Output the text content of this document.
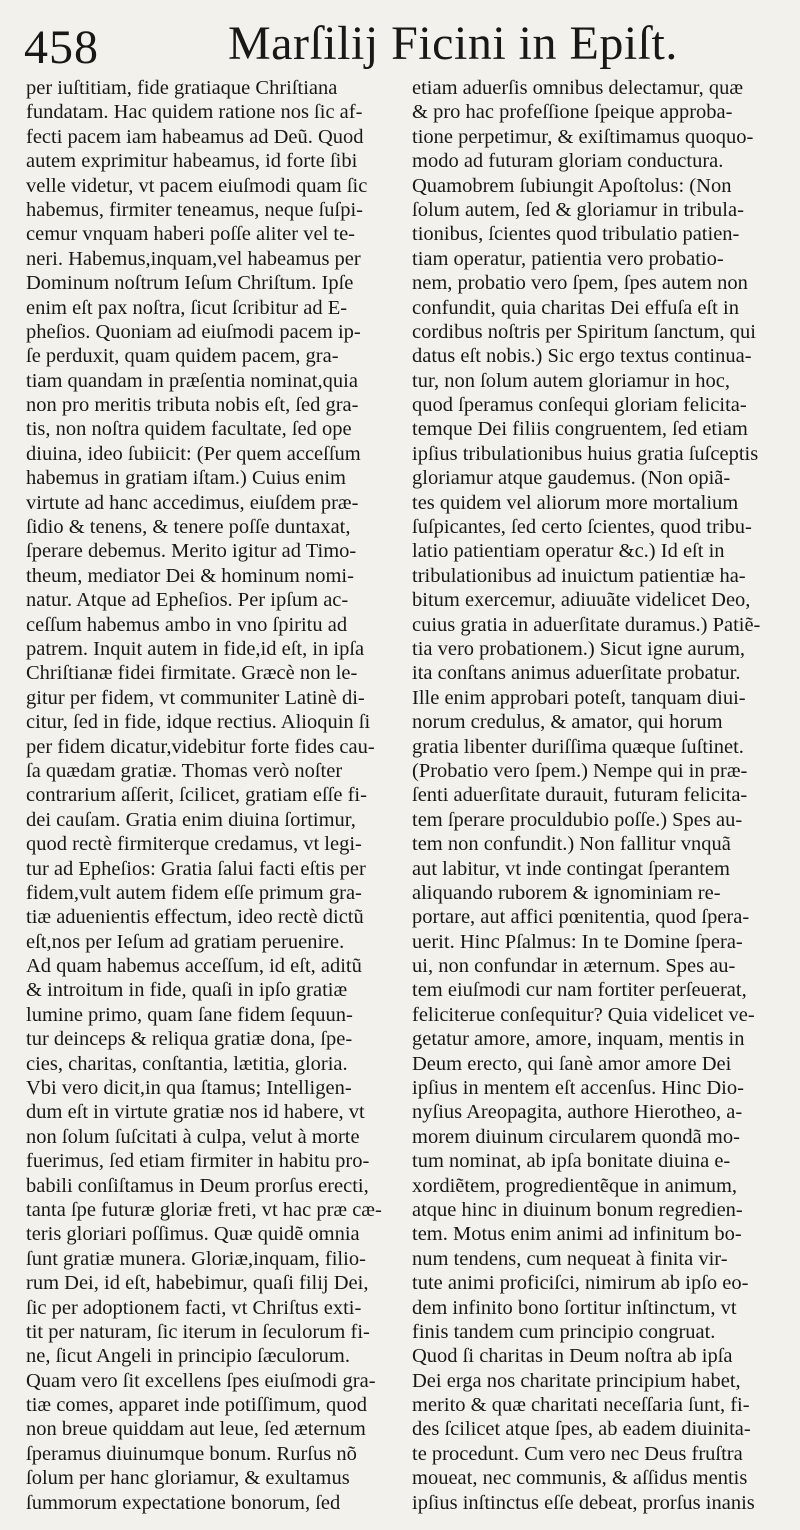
458	Marſilij Ficini in Epiſt.
per iuſtitiam, fide gratiaque Chriſtiana
fundatam. Hac quidem ratione nos ſic af-
fecti pacem iam habeamus ad Deũ. Quod
autem exprimitur habeamus, id forte ſibi
velle videtur, vt pacem eiuſmodi quam ſic
habemus, firmiter teneamus, neque ſuſpi-
cemur vnquam haberi poſſe aliter vel te-
neri. Habemus,inquam,vel habeamus per
Dominum noſtrum Ieſum Chriſtum. Ipſe
enim eſt pax noſtra, ſicut ſcribitur ad E-
pheſios. Quoniam ad eiuſmodi pacem ip-
ſe perduxit, quam quidem pacem, gra-
tiam quandam in præſentia nominat,quia
non pro meritis tributa nobis eſt, ſed gra-
tis, non noſtra quidem facultate, ſed ope
diuina, ideo ſubiicit: (Per quem acceſſum
habemus in gratiam iſtam.) Cuius enim
virtute ad hanc accedimus, eiuſdem præ-
ſidio & tenens, & tenere poſſe duntaxat,
ſperare debemus. Merito igitur ad Timo-
theum, mediator Dei & hominum nomi-
natur. Atque ad Epheſios. Per ipſum ac-
ceſſum habemus ambo in vno ſpiritu ad
patrem. Inquit autem in fide,id eſt, in ipſa
Chriſtianæ fidei firmitate. Græcè non le-
gitur per fidem, vt communiter Latinè di-
citur, ſed in fide, idque rectius. Alioquin ſi
per fidem dicatur,videbitur forte fides cau-
ſa quædam gratiæ. Thomas verò noſter
contrarium aſſerit, ſcilicet, gratiam eſſe fi-
dei cauſam. Gratia enim diuina ſortimur,
quod rectè firmiterque credamus, vt legi-
tur ad Epheſios: Gratia ſalui facti eſtis per
fidem,vult autem fidem eſſe primum gra-
tiæ aduenientis effectum, ideo rectè dictũ
eſt,nos per Ieſum ad gratiam peruenire.
Ad quam habemus acceſſum, id eſt, aditũ
& introitum in fide, quaſi in ipſo gratiæ
lumine primo, quam ſane fidem ſequun-
tur deinceps & reliqua gratiæ dona, ſpe-
cies, charitas, conſtantia, lætitia, gloria.
Vbi vero dicit,in qua ſtamus; Intelligen-
dum eſt in virtute gratiæ nos id habere, vt
non ſolum ſuſcitati à culpa, velut à morte
fuerimus, ſed etiam firmiter in habitu pro-
babili conſiſtamus in Deum prorſus erecti,
tanta ſpe futuræ gloriæ freti, vt hac præ cæ-
teris gloriari poſſimus. Quæ quidẽ omnia
ſunt gratiæ munera. Gloriæ,inquam, filio-
rum Dei, id eſt, habebimur, quaſi filij Dei,
ſic per adoptionem facti, vt Chriſtus exti-
tit per naturam, ſic iterum in ſeculorum fi-
ne, ſicut Angeli in principio ſæculorum.
Quam vero ſit excellens ſpes eiuſmodi gra-
tiæ comes, apparet inde potiſſimum, quod
non breue quiddam aut leue, ſed æternum
ſperamus diuinumque bonum. Rurſus nõ
ſolum per hanc gloriamur, & exultamus
ſummorum expectatione bonorum, ſed
etiam aduerſis omnibus delectamur, quæ
& pro hac profeſſione ſpeique approba-
tione perpetimur, & exiſtimamus quoquo-
modo ad futuram gloriam conducturа.
Quamobrem ſubiungit Apoſtolus: (Non
ſolum autem, ſed & gloriamur in tribula-
tionibus, ſcientes quod tribulatio patien-
tiam operatur, patientia vero probatio-
nem, probatio vero ſpem, ſpes autem non
confundit, quia charitas Dei effuſa eſt in
cordibus noſtris per Spiritum ſanctum, qui
datus eſt nobis.) Sic ergo textus continua-
tur, non ſolum autem gloriamur in hoc,
quod ſperamus conſequi gloriam felicita-
temque Dei filiis congruentem, ſed etiam
ipſius tribulationibus huius gratia ſuſceptis
gloriamur atque gaudemus. (Non opiã-
tes quidem vel aliorum more mortalium
ſuſpicantes, ſed certo ſcientes, quod tribu-
latio patientiam operatur &c.) Id eſt in
tribulationibus ad inuictum patientiæ ha-
bitum exercemur, adiuuãte videlicet Deo,
cuius gratia in aduerſitate duramus.) Patiẽ-
tia vero probationem.) Sicut igne aurum,
ita conſtans animus aduerſitate probatur.
Ille enim approbari poteſt, tanquam diui-
norum credulus, & amator, qui horum
gratia libenter duriſſima quæque ſuſtinet.
(Probatio vero ſpem.) Nempe qui in præ-
ſenti aduerſitate durauit, futuram felicita-
tem ſperare proculdubio poſſe.) Spes au-
tem non confundit.) Non fallitur vnquã
aut labitur, vt inde contingat ſperantem
aliquando ruborem & ignominiam re-
portare, aut affici pœnitentia, quod ſpera-
uerit. Hinc Pſalmus: In te Domine ſpera-
ui, non confundar in æternum. Spes au-
tem eiuſmodi cur nam fortiter perſeuerat,
feliciterue conſequitur? Quia videlicet ve-
getatur amore, amore, inquam, mentis in
Deum erecto, qui ſanè amor amore Dei
ipſius in mentem eſt accenſus. Hinc Dio-
nyſius Areopagita, authore Hierotheo, a-
morem diuinum circularem quondã mo-
tum nominat, ab ipſa bonitate diuina e-
xordiẽtem, progredientẽque in animum,
atque hinc in diuinum bonum regredien-
tem. Motus enim animi ad infinitum bo-
num tendens, cum nequeat à finita vir-
tute animi proficiſci, nimirum ab ipſo eo-
dem infinito bono ſortitur inſtinctum, vt
finis tandem cum principio congruat.
Quod ſi charitas in Deum noſtra ab ipſa
Dei erga nos charitate principium habet,
merito & quæ charitati neceſſaria ſunt, fi-
des ſcilicet atque ſpes, ab eadem diuinita-
te procedunt. Cum vero nec Deus fruſtra
moueat, nec communis, & aſſidus mentis
ipſius inſtinctus eſſe debeat, prorſus inanis
